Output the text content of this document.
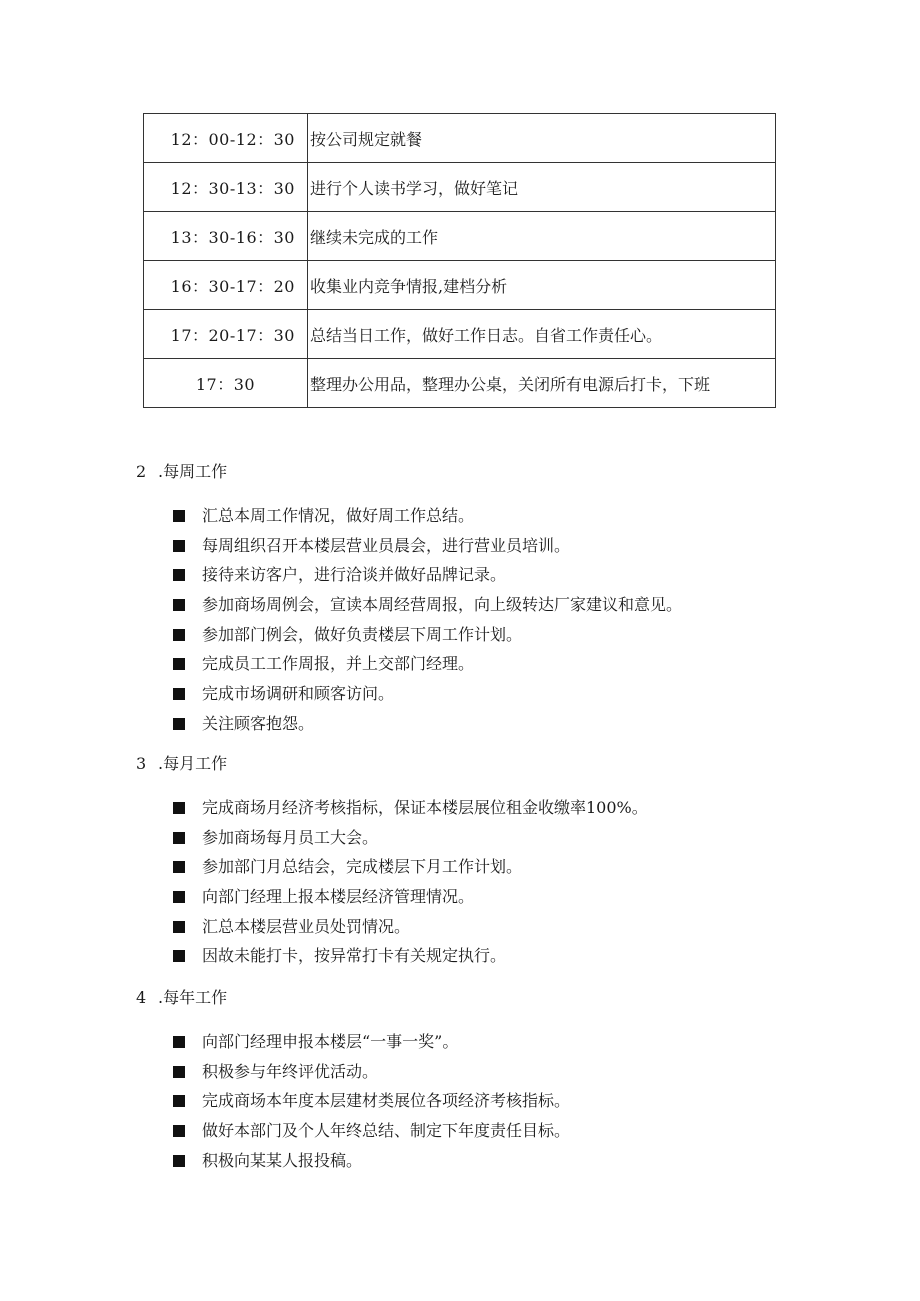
12：00-12：30	按公司规定就餐
12：30-13：30	进行个人读书学习，做好笔记
13：30-16：30	继续未完成的工作
16：30-17：20	收集业内竞争情报,建档分析
17：20-17：30	总结当日工作，做好工作日志。自省工作责任心。
17：30	整理办公用品，整理办公桌，关闭所有电源后打卡，下班
2 .每周工作
汇总本周工作情况，做好周工作总结。
每周组织召开本楼层营业员晨会，进行营业员培训。
接待来访客户，进行洽谈并做好品牌记录。
参加商场周例会，宣读本周经营周报，向上级转达厂家建议和意见。
参加部门例会，做好负责楼层下周工作计划。
完成员工工作周报，并上交部门经理。
完成市场调研和顾客访问。
关注顾客抱怨。
3 .每月工作
完成商场月经济考核指标，保证本楼层展位租金收缴率100%。
参加商场每月员工大会。
参加部门月总结会，完成楼层下月工作计划。
向部门经理上报本楼层经济管理情况。
汇总本楼层营业员处罚情况。
因故未能打卡，按异常打卡有关规定执行。
4 .每年工作
向部门经理申报本楼层“一事一奖”。
积极参与年终评优活动。
完成商场本年度本层建材类展位各项经济考核指标。
做好本部门及个人年终总结、制定下年度责任目标。
积极向某某人报投稿。
